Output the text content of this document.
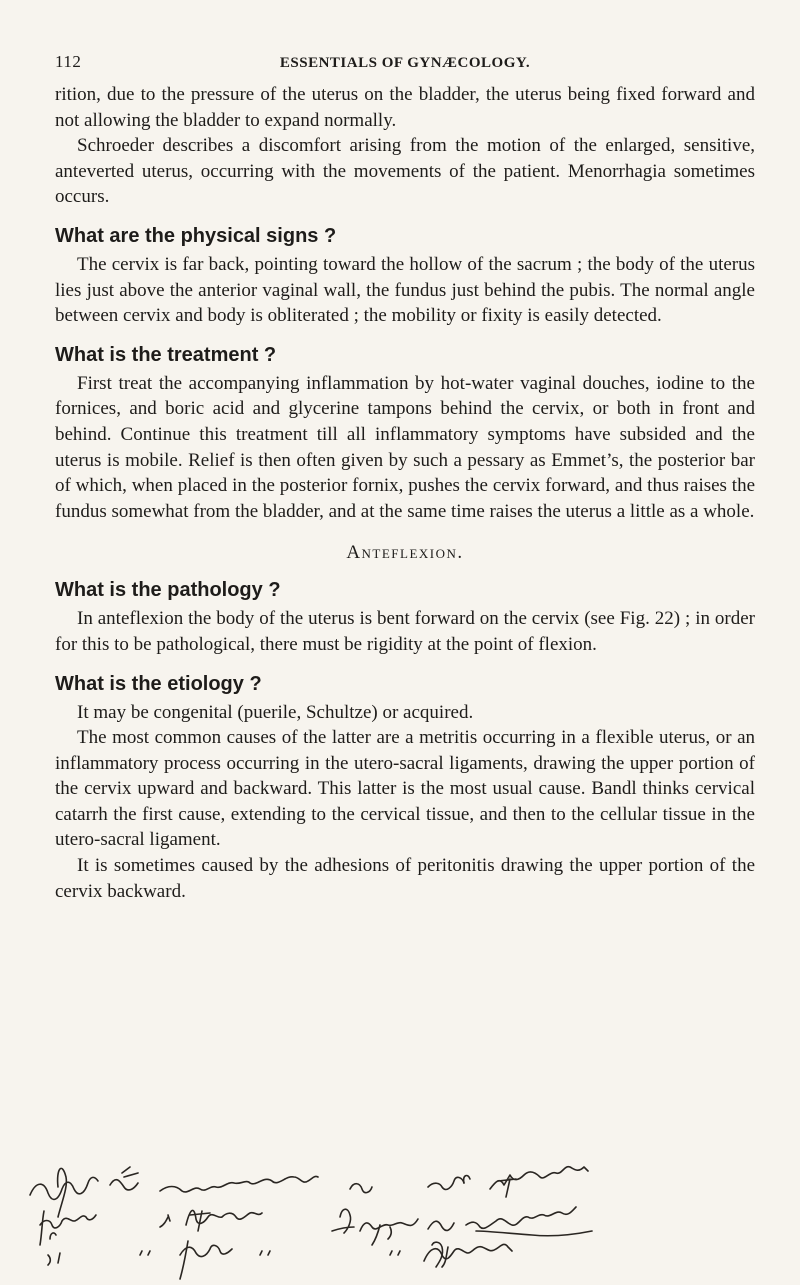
112	ESSENTIALS OF GYNÆCOLOGY.

rition, due to the pressure of the uterus on the bladder, the uterus being fixed forward and not allowing the bladder to expand normally.

Schroeder describes a discomfort arising from the motion of the enlarged, sensitive, anteverted uterus, occurring with the movements of the patient. Menorrhagia sometimes occurs.

What are the physical signs ?

The cervix is far back, pointing toward the hollow of the sacrum ; the body of the uterus lies just above the anterior vaginal wall, the fundus just behind the pubis. The normal angle between cervix and body is obliterated ; the mobility or fixity is easily detected.

What is the treatment ?

First treat the accompanying inflammation by hot-water vaginal douches, iodine to the fornices, and boric acid and glycerine tampons behind the cervix, or both in front and behind. Continue this treatment till all inflammatory symptoms have subsided and the uterus is mobile. Relief is then often given by such a pessary as Emmet’s, the posterior bar of which, when placed in the posterior fornix, pushes the cervix forward, and thus raises the fundus somewhat from the bladder, and at the same time raises the uterus a little as a whole.

Anteflexion.
What is the pathology ?

In anteflexion the body of the uterus is bent forward on the cervix (see Fig. 22) ; in order for this to be pathological, there must be rigidity at the point of flexion.

What is the etiology ?

It may be congenital (puerile, Schultze) or acquired.

The most common causes of the latter are a metritis occurring in a flexible uterus, or an inflammatory process occurring in the utero-sacral ligaments, drawing the upper portion of the cervix upward and backward. This latter is the most usual cause. Bandl thinks cervical catarrh the first cause, extending to the cervical tissue, and then to the cellular tissue in the utero-sacral ligament.

It is sometimes caused by the adhesions of peritonitis drawing the upper portion of the cervix backward.
